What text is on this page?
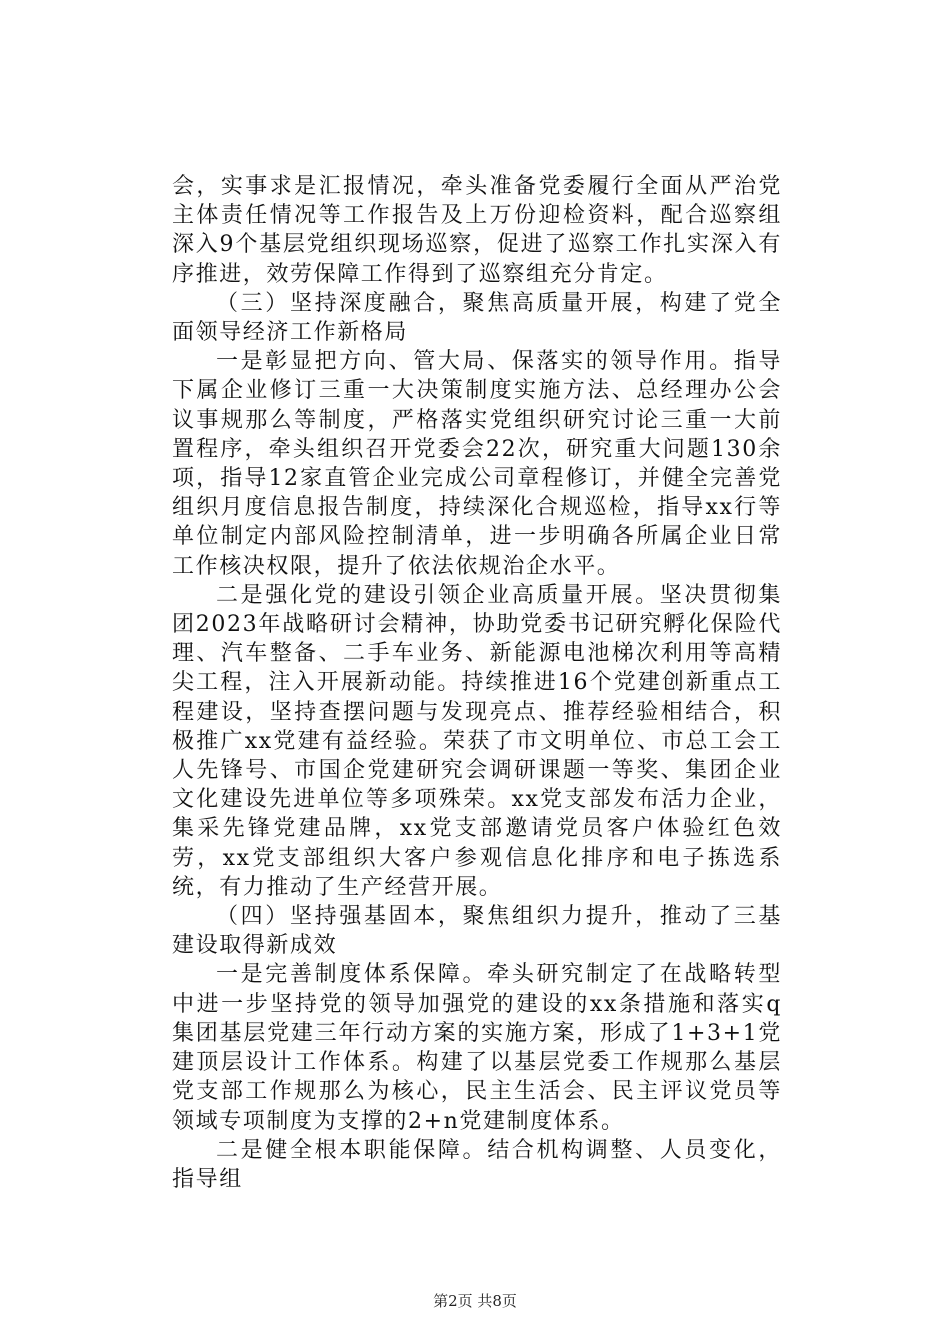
会，实事求是汇报情况，牵头准备党委履行全面从严治党主体责任情况等工作报告及上万份迎检资料，配合巡察组深入9个基层党组织现场巡察，促进了巡察工作扎实深入有序推进，效劳保障工作得到了巡察组充分肯定。

（三）坚持深度融合，聚焦高质量开展，构建了党全面领导经济工作新格局

一是彰显把方向、管大局、保落实的领导作用。指导下属企业修订三重一大决策制度实施方法、总经理办公会议事规那么等制度，严格落实党组织研究讨论三重一大前置程序，牵头组织召开党委会22次，研究重大问题130余项，指导12家直管企业完成公司章程修订，并健全完善党组织月度信息报告制度，持续深化合规巡检，指导xx行等单位制定内部风险控制清单，进一步明确各所属企业日常工作核决权限，提升了依法依规治企水平。

二是强化党的建设引领企业高质量开展。坚决贯彻集团2023年战略研讨会精神，协助党委书记研究孵化保险代理、汽车整备、二手车业务、新能源电池梯次利用等高精尖工程，注入开展新动能。持续推进16个党建创新重点工程建设，坚持查摆问题与发现亮点、推荐经验相结合，积极推广xx党建有益经验。荣获了市文明单位、市总工会工人先锋号、市国企党建研究会调研课题一等奖、集团企业文化建设先进单位等多项殊荣。xx党支部发布活力企业，集采先锋党建品牌，xx党支部邀请党员客户体验红色效劳，xx党支部组织大客户参观信息化排序和电子拣选系统，有力推动了生产经营开展。

（四）坚持强基固本，聚焦组织力提升，推动了三基建设取得新成效

一是完善制度体系保障。牵头研究制定了在战略转型中进一步坚持党的领导加强党的建设的xx条措施和落实q集团基层党建三年行动方案的实施方案，形成了1+3+1党建顶层设计工作体系。构建了以基层党委工作规那么基层党支部工作规那么为核心，民主生活会、民主评议党员等领域专项制度为支撑的2+n党建制度体系。

二是健全根本职能保障。结合机构调整、人员变化，指导组

第2页 共8页
